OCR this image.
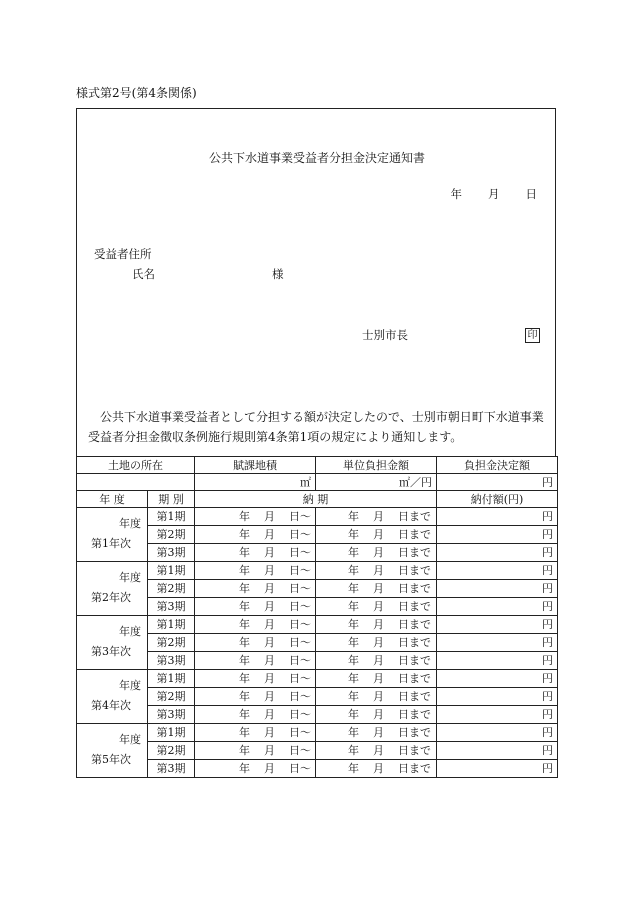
様式第2号(第4条関係)
公共下水道事業受益者分担金決定通知書
年 月 日
受益者住所
氏名	様
士別市長	印
公共下水道事業受益者として分担する額が決定したので、士別市朝日町下水道事業受益者分担金徴収条例施行規則第4条第1項の規定により通知します。
土地の所在		賦課地積	単位負担金額	負担金決定額
		㎡	㎡／円	円
年 度	期 別	納 期		納付額(円)

年度
第1年次	第1期	年 月 日～	年 月 日まで	円
	第2期	年 月 日～	年 月 日まで	円
	第3期	年 月 日～	年 月 日まで	円

年度
第2年次	第1期	年 月 日～	年 月 日まで	円
	第2期	年 月 日～	年 月 日まで	円
	第3期	年 月 日～	年 月 日まで	円

年度
第3年次	第1期	年 月 日～	年 月 日まで	円
	第2期	年 月 日～	年 月 日まで	円
	第3期	年 月 日～	年 月 日まで	円

年度
第4年次	第1期	年 月 日～	年 月 日まで	円
	第2期	年 月 日～	年 月 日まで	円
	第3期	年 月 日～	年 月 日まで	円

年度
第5年次	第1期	年 月 日～	年 月 日まで	円
	第2期	年 月 日～	年 月 日まで	円
	第3期	年 月 日～	年 月 日まで	円
